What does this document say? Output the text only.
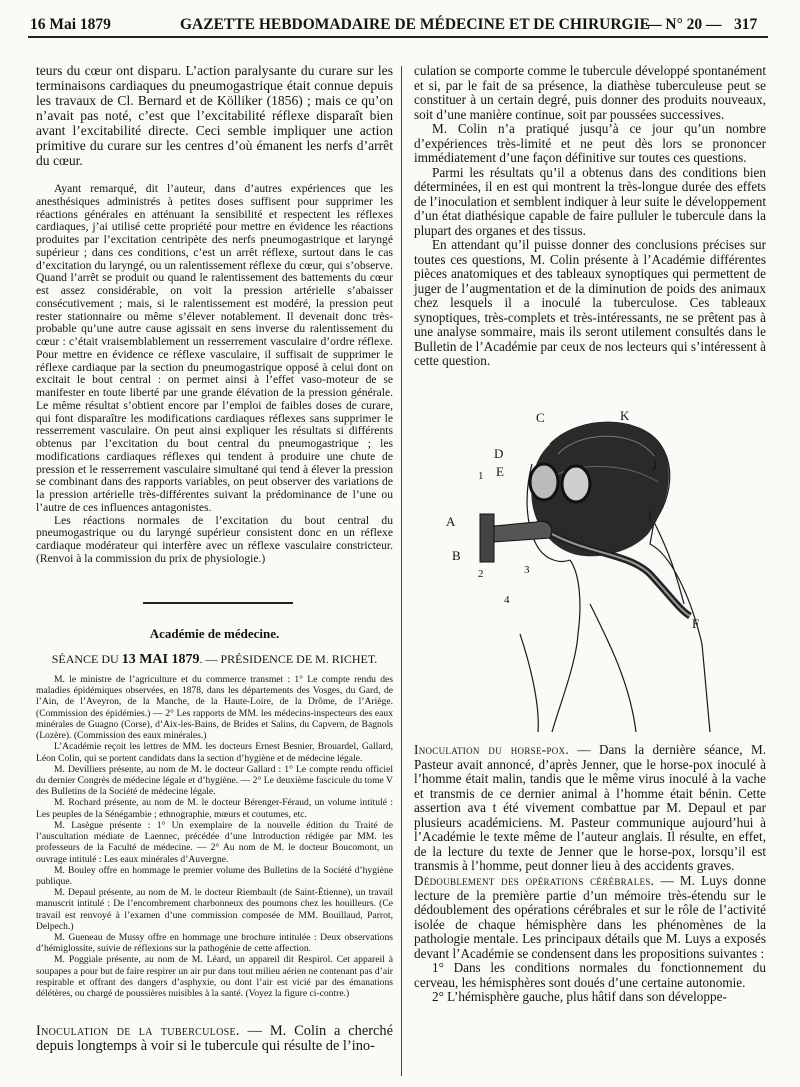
16 Mai 1879	GAZETTE HEBDOMADAIRE DE MÉDECINE ET DE CHIRURGIE
— N° 20 — 317

teurs du cœur ont disparu. L’action paralysante du curare sur les terminaisons cardiaques du pneumogastrique était connue depuis les travaux de Cl. Bernard et de Kölliker (1856) ; mais ce qu’on n’avait pas noté, c’est que l’excitabilité réflexe disparaît bien avant l’excitabilité directe. Ceci semble impliquer une action primitive du curare sur les centres d’où émanent les nerfs d’arrêt du cœur.

Ayant remarqué, dit l’auteur, dans d’autres expériences que les anesthésiques administrés à petites doses suffisent pour supprimer les réactions générales en atténuant la sensibilité et respectent les réflexes cardiaques, j’ai utilisé cette propriété pour mettre en évidence les réactions produites par l’excitation centripète des nerfs pneumogastrique et laryngé supérieur ; dans ces conditions, c’est un arrêt réflexe, surtout dans le cas d’excitation du laryngé, ou un ralentissement réflexe du cœur, qui s’observe. Quand l’arrêt se produit ou quand le ralentissement des battements du cœur est assez considérable, on voit la pression artérielle s’abaisser consécutivement ; mais, si le ralentissement est modéré, la pression peut rester stationnaire ou même s’élever notablement. Il devenait donc très-probable qu’une autre cause agissait en sens inverse du ralentissement du cœur : c’était vraisemblablement un resserrement vasculaire d’ordre réflexe. Pour mettre en évidence ce réflexe vasculaire, il suffisait de supprimer le réflexe cardiaque par la section du pneumogastrique opposé à celui dont on excitait le bout central : on permet ainsi à l’effet vaso-moteur de se manifester en toute liberté par une grande élévation de la pression générale. Le même résultat s’obtient encore par l’emploi de faibles doses de curare, qui font disparaître les modifications cardiaques réflexes sans supprimer le resserrement vasculaire. On peut ainsi expliquer les résultats si différents obtenus par l’excitation du bout central du pneumogastrique ; les modifications cardiaques réflexes qui tendent à produire une chute de pression et le resserrement vasculaire simultané qui tend à élever la pression se combinant dans des rapports variables, on peut observer des variations de la pression artérielle très-différentes suivant la prédominance de l’une ou l’autre de ces influences antagonistes.

Les réactions normales de l’excitation du bout central du pneumogastrique ou du laryngé supérieur consistent donc en un réflexe cardiaque modérateur qui interfère avec un réflexe vasculaire constricteur. (Renvoi à la commission du prix de physiologie.)

Académie de médecine.
SÉANCE DU 13 MAI 1879. — PRÉSIDENCE DE M. RICHET.

M. le ministre de l’agriculture et du commerce transmet : 1° Le compte rendu des maladies épidémiques observées, en 1878, dans les départements des Vosges, du Gard, de l’Ain, de l’Aveyron, de la Manche, de la Haute-Loire, de la Drôme, de l’Ariège. (Commission des épidémies.) — 2° Les rapports de MM. les médecins-inspecteurs des eaux minérales de Guagno (Corse), d’Aix-les-Bains, de Brides et Salins, du Capvern, de Bagnols (Lozère). (Commission des eaux minérales.)

L’Académie reçoit les lettres de MM. les docteurs Ernest Besnier, Brouardel, Gallard, Léon Colin, qui se portent candidats dans la section d’hygiène et de médecine légale.

M. Devilliers présente, au nom de M. le docteur Gallard : 1° Le compte rendu officiel du dernier Congrès de médecine légale et d’hygiène. — 2° Le deuxième fascicule du tome V des Bulletins de la Société de médecine légale.

M. Rochard présente, au nom de M. le docteur Bérenger-Féraud, un volume intitulé : Les peuples de la Sénégambie ; ethnographie, mœurs et coutumes, etc.

M. Lasègue présente : 1° Un exemplaire de la nouvelle édition du Traité de l’auscultation médiate de Laennec, précédée d’une Introduction rédigée par MM. les professeurs de la Faculté de médecine. — 2° Au nom de M. le docteur Boucomont, un ouvrage intitulé : Les eaux minérales d’Auvergne.

M. Bouley offre en hommage le premier volume des Bulletins de la Société d’hygiène publique.

M. Depaul présente, au nom de M. le docteur Riembault (de Saint-Étienne), un travail manuscrit intitulé : De l’encombrement charbonneux des poumons chez les houilleurs. (Ce travail est renvoyé à l’examen d’une commission composée de MM. Bouillaud, Parrot, Delpech.)

M. Gueneau de Mussy offre en hommage une brochure intitulée : Deux observations d’hémiglossite, suivie de réflexions sur la pathogénie de cette affection.

M. Poggiale présente, au nom de M. Léard, un appareil dit Respirol. Cet appareil à soupapes a pour but de faire respirer un air pur dans tout milieu aérien ne contenant pas d’air respirable et offrant des dangers d’asphyxie, ou dont l’air est vicié par des émanations délétères, ou chargé de poussières nuisibles à la santé. (Voyez la figure ci-contre.)

Inoculation de la tuberculose. — M. Colin a cherché depuis longtemps à voir si le tubercule qui résulte de l’ino-

culation se comporte comme le tubercule développé spontanément et si, par le fait de sa présence, la diathèse tuberculeuse peut se constituer à un certain degré, puis donner des produits nouveaux, soit d’une manière continue, soit par poussées successives.

M. Colin n’a pratiqué jusqu’à ce jour qu’un nombre d’expériences très-limité et ne peut dès lors se prononcer immédiatement d’une façon définitive sur toutes ces questions.

Parmi les résultats qu’il a obtenus dans des conditions bien déterminées, il en est qui montrent la très-longue durée des effets de l’inoculation et semblent indiquer à leur suite le développement d’un état diathésique capable de faire pulluler le tubercule dans la plupart des organes et des tissus.

En attendant qu’il puisse donner des conclusions précises sur toutes ces questions, M. Colin présente à l’Académie différentes pièces anatomiques et des tableaux synoptiques qui permettent de juger de l’augmentation et de la diminution de poids des animaux chez lesquels il a inoculé la tuberculose. Ces tableaux synoptiques, très-complets et très-intéressants, ne se prêtent pas à une analyse sommaire, mais ils seront utilement consultés dans le Bulletin de l’Académie par ceux de nos lecteurs qui s’intéressent à cette question.

C	K
D
E	J
I
A
B
F
1
2	3
4

Inoculation du horse-pox. — Dans la dernière séance, M. Pasteur avait annoncé, d’après Jenner, que le horse-pox inoculé à l’homme était malin, tandis que le même virus inoculé à la vache et transmis de ce dernier animal à l’homme était bénin. Cette assertion ava t été vivement combattue par M. Depaul et par plusieurs académiciens. M. Pasteur communique aujourd’hui à l’Académie le texte même de l’auteur anglais. Il résulte, en effet, de la lecture du texte de Jenner que le horse-pox, lorsqu’il est transmis à l’homme, peut donner lieu à des accidents graves.

Dédoublement des opérations cérébrales. — M. Luys donne lecture de la première partie d’un mémoire très-étendu sur le dédoublement des opérations cérébrales et sur le rôle de l’activité isolée de chaque hémisphère dans les phénomènes de la pathologie mentale. Les principaux détails que M. Luys a exposés devant l’Académie se condensent dans les propositions suivantes :

1° Dans les conditions normales du fonctionnement du cerveau, les hémisphères sont doués d’une certaine autonomie.

2° L’hémisphère gauche, plus hâtif dans son développe-
